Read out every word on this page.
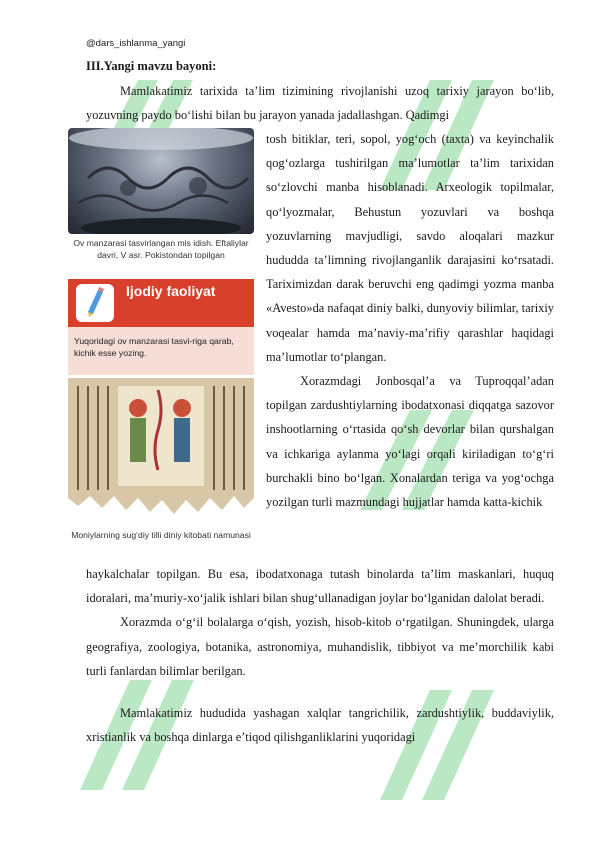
@dars_ishlanma_yangi
III.Yangi mavzu bayoni:

Mamlakatimiz tarixida ta’lim tizimining rivojlanishi uzoq tarixiy jarayon bo‘lib, yozuvning paydo bo‘lishi bilan bu jarayon yanada jadallashgan. Qadimgi

tosh bitiklar, teri, sopol, yog‘och (taxta) va keyinchalik qog‘ozlarga tushirilgan ma’lumotlar ta’lim tarixidan so‘zlovchi manba hisoblanadi. Arxeologik topilmalar, qo‘lyozmalar, Behustun yozuvlari va boshqa yozuvlarning mavjudligi, savdo aloqalari mazkur hududda ta’limning rivojlanganlik darajasini ko‘rsatadi. Tariximizdan darak beruvchi eng qadimgi yozma manba «Avesto»da nafaqat diniy balki, dunyoviy bilimlar, tarixiy voqealar hamda ma’naviy-ma’rifiy qarashlar haqidagi ma’lumotlar to‘plangan.

Xorazmdagi Jonbosqal’a va Tuproqqal’adan topilgan zardushtiylarning ibodatxonasi diqqatga sazovor inshootlarning o‘rtasida qo‘sh devorlar bilan qurshalgan va ichkariga aylanma yo‘lagi orqali kiriladigan to‘g‘ri burchakli bino bo‘lgan. Xonalardan teriga va yog‘ochga yozilgan turli mazmundagi hujjatlar hamda katta-kichik

haykalchalar topilgan. Bu esa, ibodatxonaga tutash binolarda ta’lim maskanlari, huquq idoralari, ma’muriy-xo‘jalik ishlari bilan shug‘ullanadigan joylar bo‘lganidan dalolat beradi.

Xorazmda o‘g‘il bolalarga o‘qish, yozish, hisob-kitob o‘rgatilgan. Shuningdek, ularga geografiya, zoologiya, botanika, astronomiya, muhandislik, tibbiyot va me’morchilik kabi turli fanlardan bilimlar berilgan.

Mamlakatimiz hududida yashagan xalqlar tangrichilik, zardushtiylik, buddaviylik, xristianlik va boshqa dinlarga e’tiqod qilishganliklarini yuqoridagi

Ov manzarasi tasvirlangan mis idish. Eftaliylar davri, V asr. Pokistondan topilgan

Ijodiy faoliyat
Yuqoridagi ov manzarasi tasvi-riga qarab, kichik esse yozing.

Moniylarning sug‘diy tilli diniy kitobati namunasi
